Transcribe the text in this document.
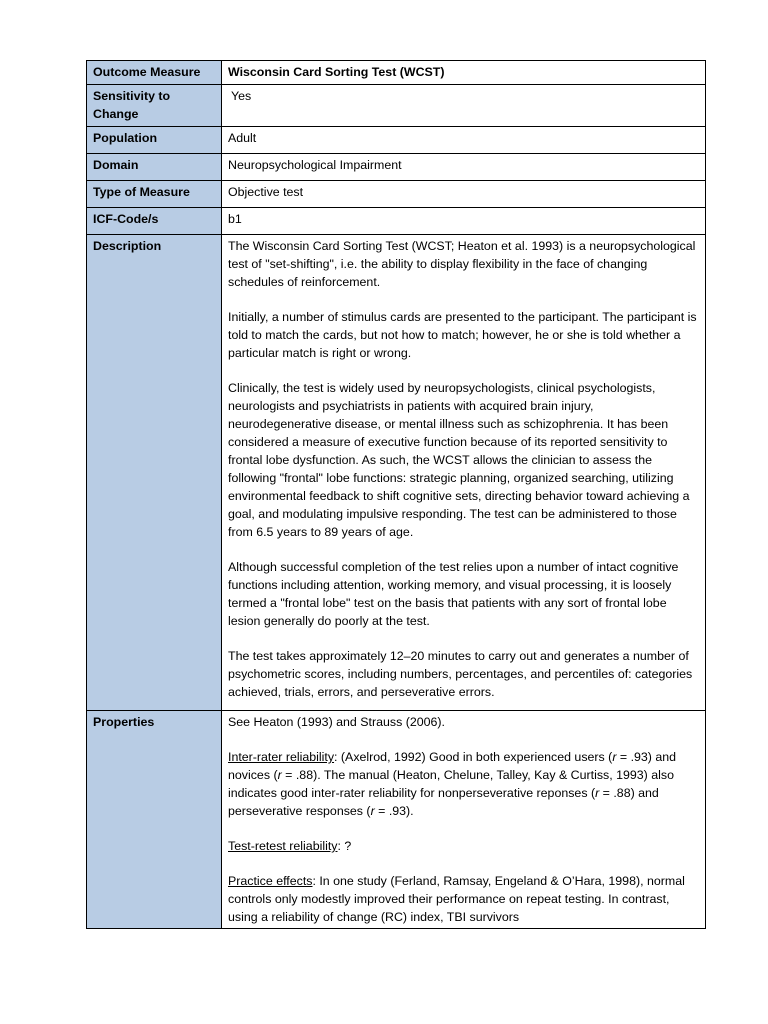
Outcome Measure	Wisconsin Card Sorting Test (WCST)
Sensitivity to Change	Yes
Population	Adult
Domain	Neuropsychological Impairment
Type of Measure	Objective test
ICF-Code/s	b1
Description	The Wisconsin Card Sorting Test (WCST; Heaton et al. 1993) is a neuropsychological test of "set-shifting", i.e. the ability to display flexibility in the face of changing schedules of reinforcement.

Initially, a number of stimulus cards are presented to the participant. The participant is told to match the cards, but not how to match; however, he or she is told whether a particular match is right or wrong.

Clinically, the test is widely used by neuropsychologists, clinical psychologists, neurologists and psychiatrists in patients with acquired brain injury, neurodegenerative disease, or mental illness such as schizophrenia. It has been considered a measure of executive function because of its reported sensitivity to frontal lobe dysfunction. As such, the WCST allows the clinician to assess the following "frontal" lobe functions: strategic planning, organized searching, utilizing environmental feedback to shift cognitive sets, directing behavior toward achieving a goal, and modulating impulsive responding. The test can be administered to those from 6.5 years to 89 years of age.

Although successful completion of the test relies upon a number of intact cognitive functions including attention, working memory, and visual processing, it is loosely termed a "frontal lobe" test on the basis that patients with any sort of frontal lobe lesion generally do poorly at the test.

The test takes approximately 12–20 minutes to carry out and generates a number of psychometric scores, including numbers, percentages, and percentiles of: categories achieved, trials, errors, and perseverative errors.

Properties	See Heaton (1993) and Strauss (2006).

Inter-rater reliability: (Axelrod, 1992) Good in both experienced users (r = .93) and novices (r = .88). The manual (Heaton, Chelune, Talley, Kay & Curtiss, 1993) also indicates good inter-rater reliability for nonperseverative reponses (r = .88) and perseverative responses (r = .93).

Test-retest reliability: ?

Practice effects: In one study (Ferland, Ramsay, Engeland & O’Hara, 1998), normal controls only modestly improved their performance on repeat testing. In contrast, using a reliability of change (RC) index, TBI survivors
